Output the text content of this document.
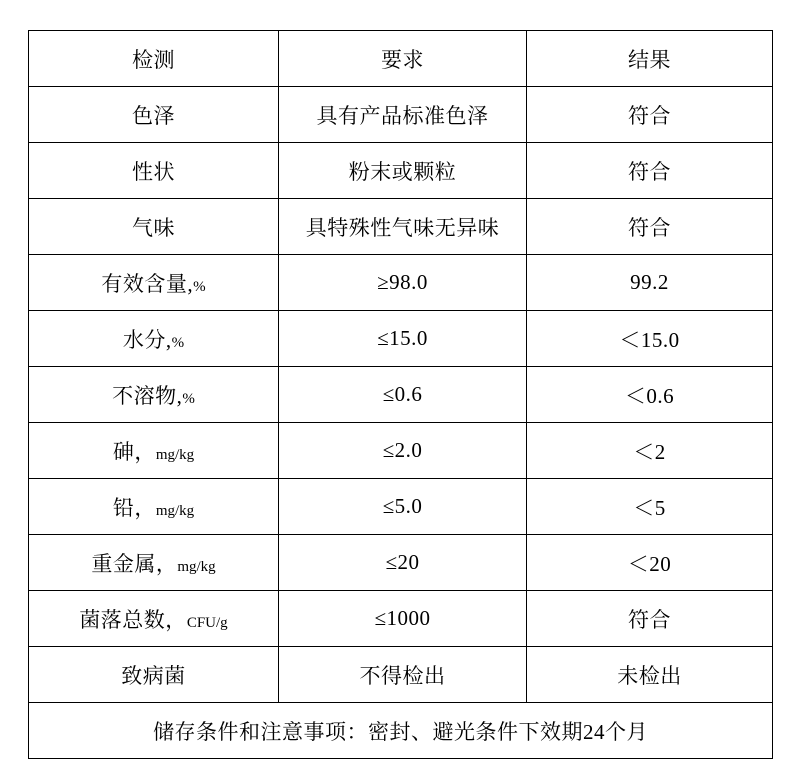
检测	要求	结果
色泽	具有产品标准色泽	符合
性状	粉末或颗粒	符合
气味	具特殊性气味无异味	符合
有效含量,%	≥98.0	99.2
水分,%	≤15.0	＜15.0
不溶物,%	≤0.6	＜0.6
砷，mg/kg	≤2.0	＜2
铅，mg/kg	≤5.0	＜5
重金属，mg/kg	≤20	＜20
菌落总数，CFU/g	≤1000	符合
致病菌	不得检出	未检出
储存条件和注意事项：密封、避光条件下效期24个月		
